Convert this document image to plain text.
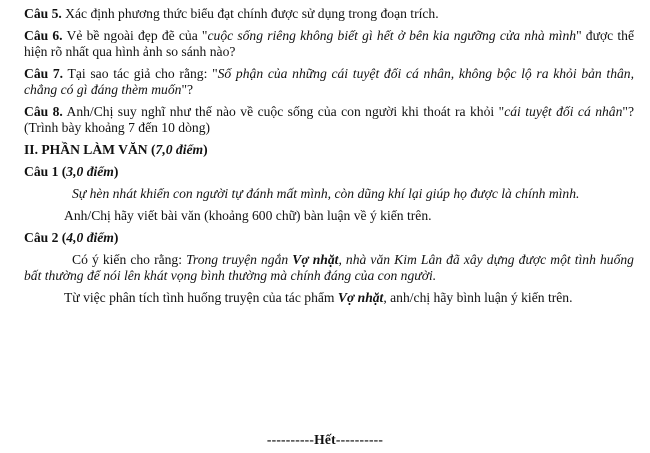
Câu 5. Xác định phương thức biểu đạt chính được sử dụng trong đoạn trích.

Câu 6. Vẻ bề ngoài đẹp đẽ của "cuộc sống riêng không biết gì hết ở bên kia ngưỡng cửa nhà mình" được thể hiện rõ nhất qua hình ảnh so sánh nào?

Câu 7. Tại sao tác giả cho rằng: "Số phận của những cái tuyệt đối cá nhân, không bộc lộ ra khỏi bản thân, chẳng có gì đáng thèm muốn"?

Câu 8. Anh/Chị suy nghĩ như thế nào về cuộc sống của con người khi thoát ra khỏi "cái tuyệt đối cá nhân"? (Trình bày khoảng 7 đến 10 dòng)

II. PHẦN LÀM VĂN (7,0 điểm)

Câu 1 (3,0 điểm)

Sự hèn nhát khiến con người tự đánh mất mình, còn dũng khí lại giúp họ được là chính mình.

Anh/Chị hãy viết bài văn (khoảng 600 chữ) bàn luận về ý kiến trên.

Câu 2 (4,0 điểm)

Có ý kiến cho rằng: Trong truyện ngắn Vợ nhặt, nhà văn Kim Lân đã xây dựng được một tình huống bất thường để nói lên khát vọng bình thường mà chính đáng của con người.

Từ việc phân tích tình huống truyện của tác phẩm Vợ nhặt, anh/chị hãy bình luận ý kiến trên.

----------Hết----------
